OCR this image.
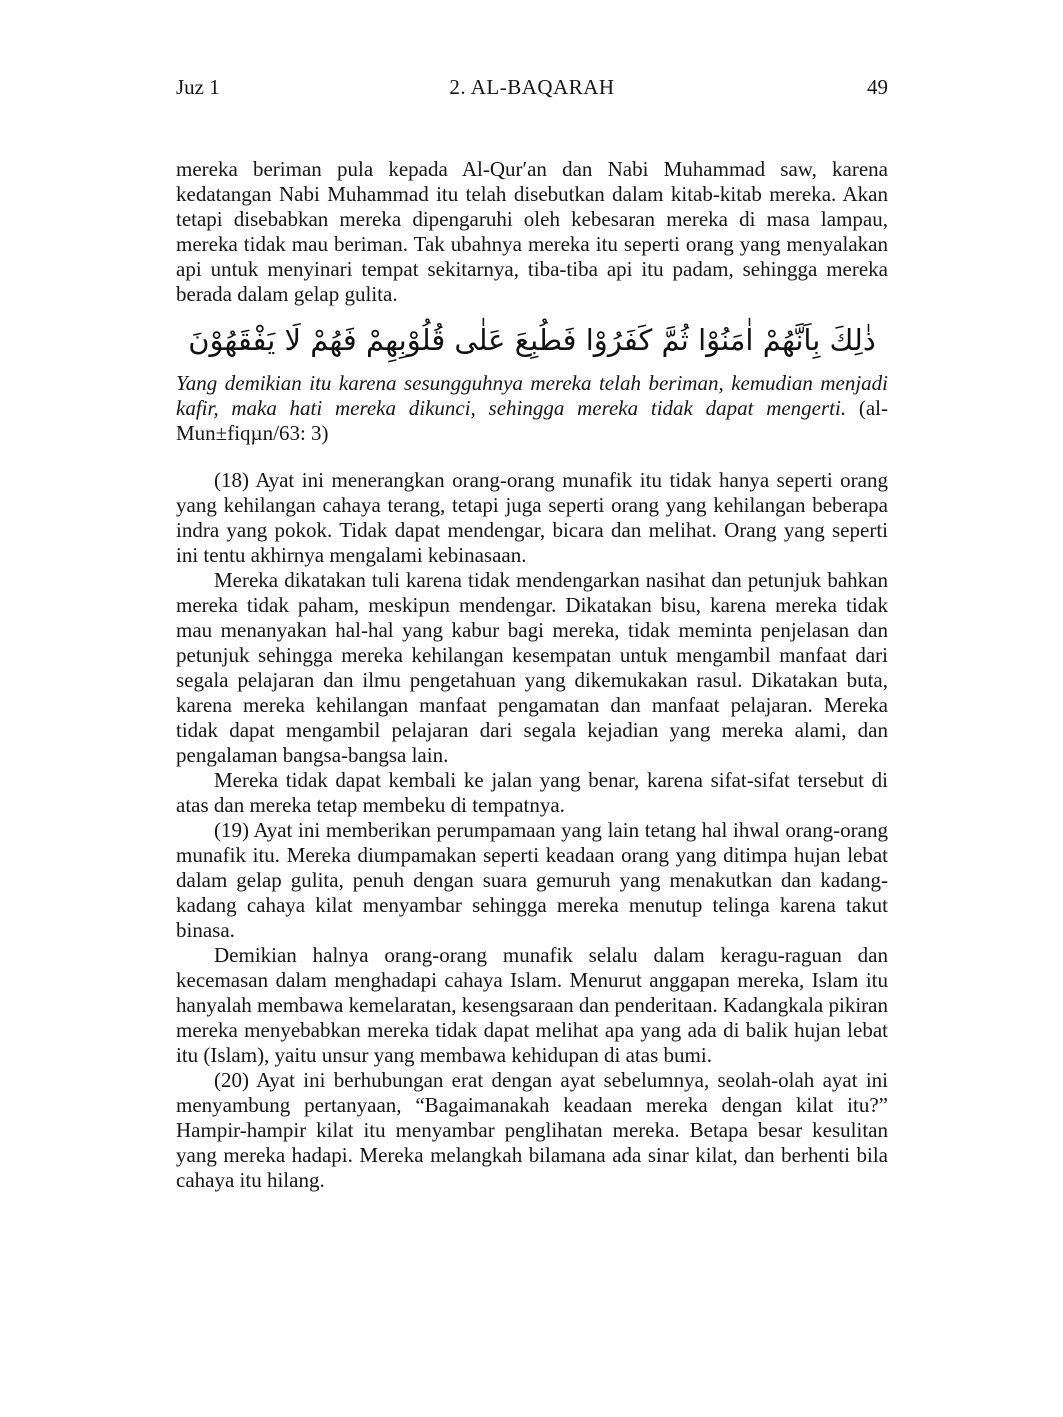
Juz 1	2. AL-BAQARAH	49

mereka beriman pula kepada Al-Qur′an dan Nabi Muhammad saw, karena kedatangan Nabi Muhammad itu telah disebutkan dalam kitab-kitab mereka. Akan tetapi disebabkan mereka dipengaruhi oleh kebesaran mereka di masa lampau, mereka tidak mau beriman. Tak ubahnya mereka itu seperti orang yang menyalakan api untuk menyinari tempat sekitarnya, tiba-tiba api itu padam, sehingga mereka berada dalam gelap gulita.

ذٰلِكَ بِاَنَّهُمْ اٰمَنُوْا ثُمَّ كَفَرُوْا فَطُبِعَ عَلٰى قُلُوْبِهِمْ فَهُمْ لَا يَفْقَهُوْنَ

Yang demikian itu karena sesungguhnya mereka telah beriman, kemudian menjadi kafir, maka hati mereka dikunci, sehingga mereka tidak dapat mengerti. (al-Mun±fiqµn/63: 3)

(18) Ayat ini menerangkan orang-orang munafik itu tidak hanya seperti orang yang kehilangan cahaya terang, tetapi juga seperti orang yang kehilangan beberapa indra yang pokok. Tidak dapat mendengar, bicara dan melihat. Orang yang seperti ini tentu akhirnya mengalami kebinasaan.

Mereka dikatakan tuli karena tidak mendengarkan nasihat dan petunjuk bahkan mereka tidak paham, meskipun mendengar. Dikatakan bisu, karena mereka tidak mau menanyakan hal-hal yang kabur bagi mereka, tidak meminta penjelasan dan petunjuk sehingga mereka kehilangan kesempatan untuk mengambil manfaat dari segala pelajaran dan ilmu pengetahuan yang dikemukakan rasul. Dikatakan buta, karena mereka kehilangan manfaat pengamatan dan manfaat pelajaran. Mereka tidak dapat mengambil pelajaran dari segala kejadian yang mereka alami, dan pengalaman bangsa-bangsa lain.

Mereka tidak dapat kembali ke jalan yang benar, karena sifat-sifat tersebut di atas dan mereka tetap membeku di tempatnya.

(19) Ayat ini memberikan perumpamaan yang lain tetang hal ihwal orang-orang munafik itu. Mereka diumpamakan seperti keadaan orang yang ditimpa hujan lebat dalam gelap gulita, penuh dengan suara gemuruh yang menakutkan dan kadang-kadang cahaya kilat menyambar sehingga mereka menutup telinga karena takut binasa.

Demikian halnya orang-orang munafik selalu dalam keragu-raguan dan kecemasan dalam menghadapi cahaya Islam. Menurut anggapan mereka, Islam itu hanyalah membawa kemelaratan, kesengsaraan dan penderitaan. Kadangkala pikiran mereka menyebabkan mereka tidak dapat melihat apa yang ada di balik hujan lebat itu (Islam), yaitu unsur yang membawa kehidupan di atas bumi.

(20) Ayat ini berhubungan erat dengan ayat sebelumnya, seolah-olah ayat ini menyambung pertanyaan, “Bagaimanakah keadaan mereka dengan kilat itu?” Hampir-hampir kilat itu menyambar penglihatan mereka. Betapa besar kesulitan yang mereka hadapi. Mereka melangkah bilamana ada sinar kilat, dan berhenti bila cahaya itu hilang.
